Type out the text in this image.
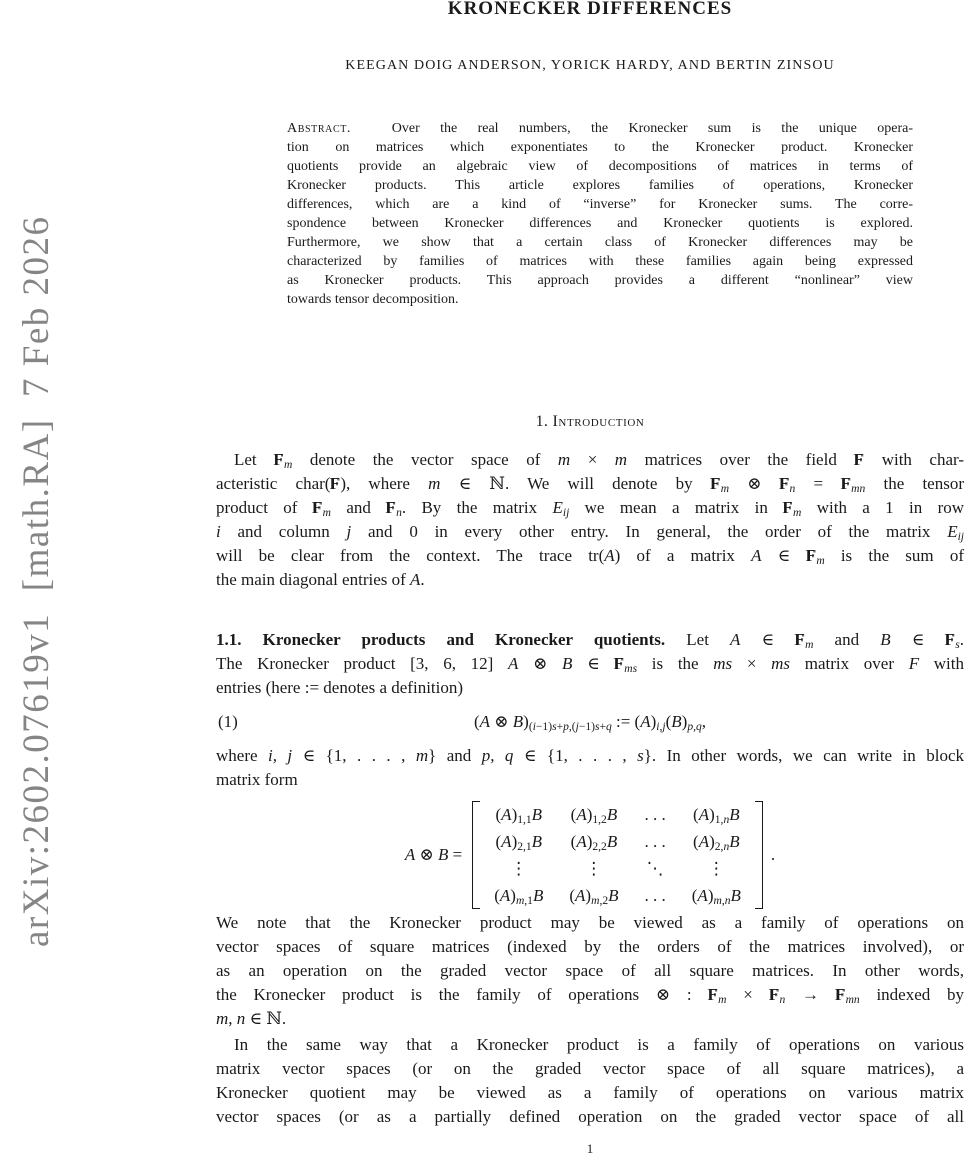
arXiv:2602.07619v1  [math.RA]  7 Feb 2026
KRONECKER DIFFERENCES
KEEGAN DOIG ANDERSON, YORICK HARDY, AND BERTIN ZINSOU
Abstract.  Over the real numbers, the Kronecker sum is the unique opera-
tion on matrices which exponentiates to the Kronecker product. Kronecker
quotients provide an algebraic view of decompositions of matrices in terms of
Kronecker products. This article explores families of operations, Kronecker
differences, which are a kind of “inverse” for Kronecker sums. The corre-
spondence between Kronecker differences and Kronecker quotients is explored.
Furthermore, we show that a certain class of Kronecker differences may be
characterized by families of matrices with these families again being expressed
as Kronecker products. This approach provides a different “nonlinear” view
towards tensor decomposition.
1. Introduction
Let $F_m$ denote the vector space of m × m matrices over the field F with char-
acteristic char(F), where m ∈ ℕ. We will denote by $F_m$ ⊗ $F_n = F_{mn}$ the tensor
product of $F_m$ and $F_n$. By the matrix $E_{ij}$ we mean a matrix in $F_m$ with a 1 in row
i and column j and 0 in every other entry. In general, the order of the matrix $E_{ij}$
will be clear from the context. The trace tr(A) of a matrix A ∈ $F_m$ is the sum of
the main diagonal entries of A.
1.1. Kronecker products and Kronecker quotients. Let A ∈ $F_m$ and B ∈ $F_s$.
The Kronecker product [3, 6, 12] A ⊗ B ∈ $F_{ms}$ is the ms × ms matrix over F with
entries (here := denotes a definition)
(1)	(A ⊗ $B)_{(i-1)s+p,(j-1)s+q}$ := $(A)_{i,j}(B)_{p,q}$,
where i, j ∈ {1, . . . , m} and p, q ∈ {1, . . . , s}. In other words, we can write in block
matrix form
A ⊗ B =
$(A)_{1,1}B$	$(A)_{1,2}B$	. . .	$(A)_{1,n}B$
$(A)_{2,1}B$	$(A)_{2,2}B$	. . .	$(A)_{2,n}B$
⋮	⋮	⋱	⋮
$(A)_{m,1}B$	$(A)_{m,2}B$	. . .	$(A)_{m,n}B$
.
We note that the Kronecker product may be viewed as a family of operations on
vector spaces of square matrices (indexed by the orders of the matrices involved), or
as an operation on the graded vector space of all square matrices. In other words,
the Kronecker product is the family of operations ⊗ : $F_m \times F_n \to F_{mn}$ indexed by
m, n ∈ ℕ.
In the same way that a Kronecker product is a family of operations on various
matrix vector spaces (or on the graded vector space of all square matrices), a
Kronecker quotient may be viewed as a family of operations on various matrix
vector spaces (or as a partially defined operation on the graded vector space of all
1
